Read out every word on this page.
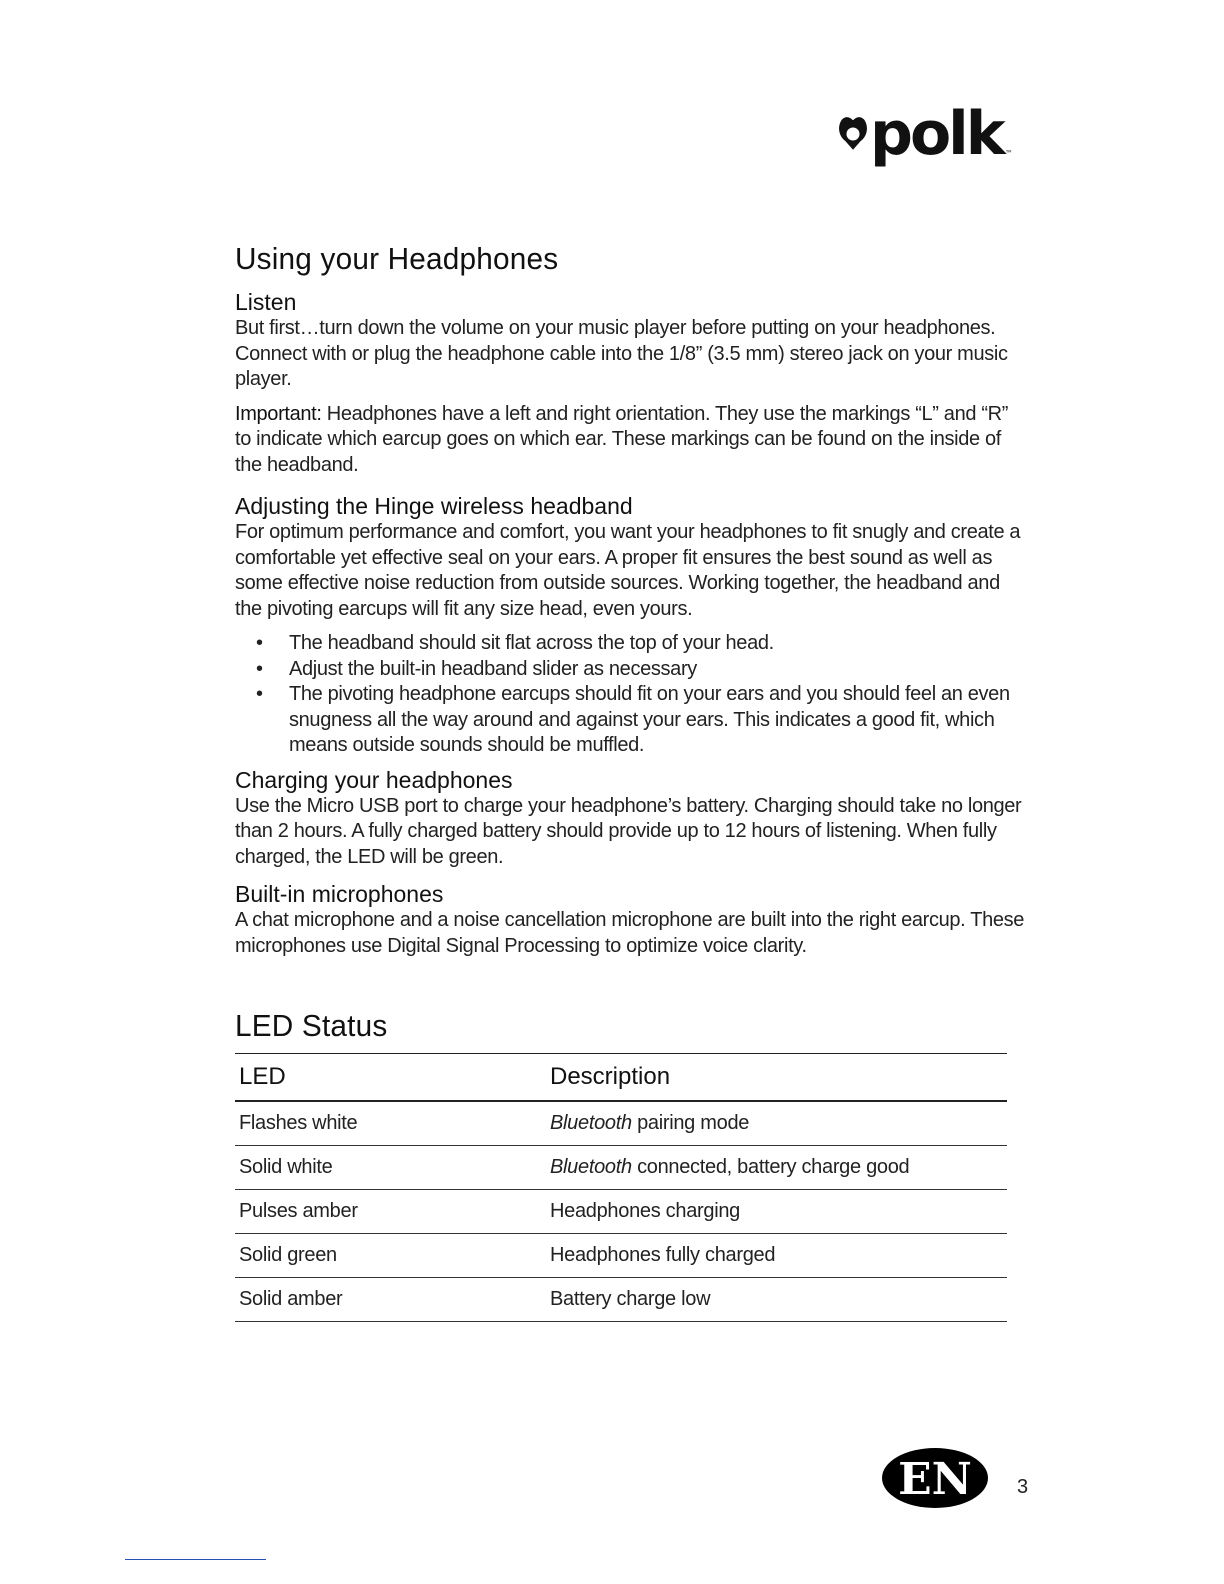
polk ™
Using your Headphones
Listen

But first…turn down the volume on your music player before putting on your headphones. Connect with or plug the headphone cable into the 1/8” (3.5 mm) stereo jack on your music player.

Important: Headphones have a left and right orientation. They use the markings “L” and “R” to indicate which earcup goes on which ear. These markings can be found on the inside of the headband.

Adjusting the Hinge wireless headband

For optimum performance and comfort, you want your headphones to fit snugly and create a comfortable yet effective seal on your ears. A proper fit ensures the best sound as well as some effective noise reduction from outside sources. Working together, the headband and the pivoting earcups will fit any size head, even yours.

• The headband should sit flat across the top of your head.
• Adjust the built-in headband slider as necessary
• The pivoting headphone earcups should fit on your ears and you should feel an even snugness all the way around and against your ears. This indicates a good fit, which means outside sounds should be muffled.
Charging your headphones

Use the Micro USB port to charge your headphone’s battery. Charging should take no longer than 2 hours. A fully charged battery should provide up to 12 hours of listening. When fully charged, the LED will be green.

Built-in microphones

A chat microphone and a noise cancellation microphone are built into the right earcup. These microphones use Digital Signal Processing to optimize voice clarity.

LED Status
LED	Description
Flashes white	Bluetooth pairing mode
Solid white	Bluetooth connected, battery charge good
Pulses amber	Headphones charging
Solid green	Headphones fully charged
Solid amber	Battery charge low
EN 3
